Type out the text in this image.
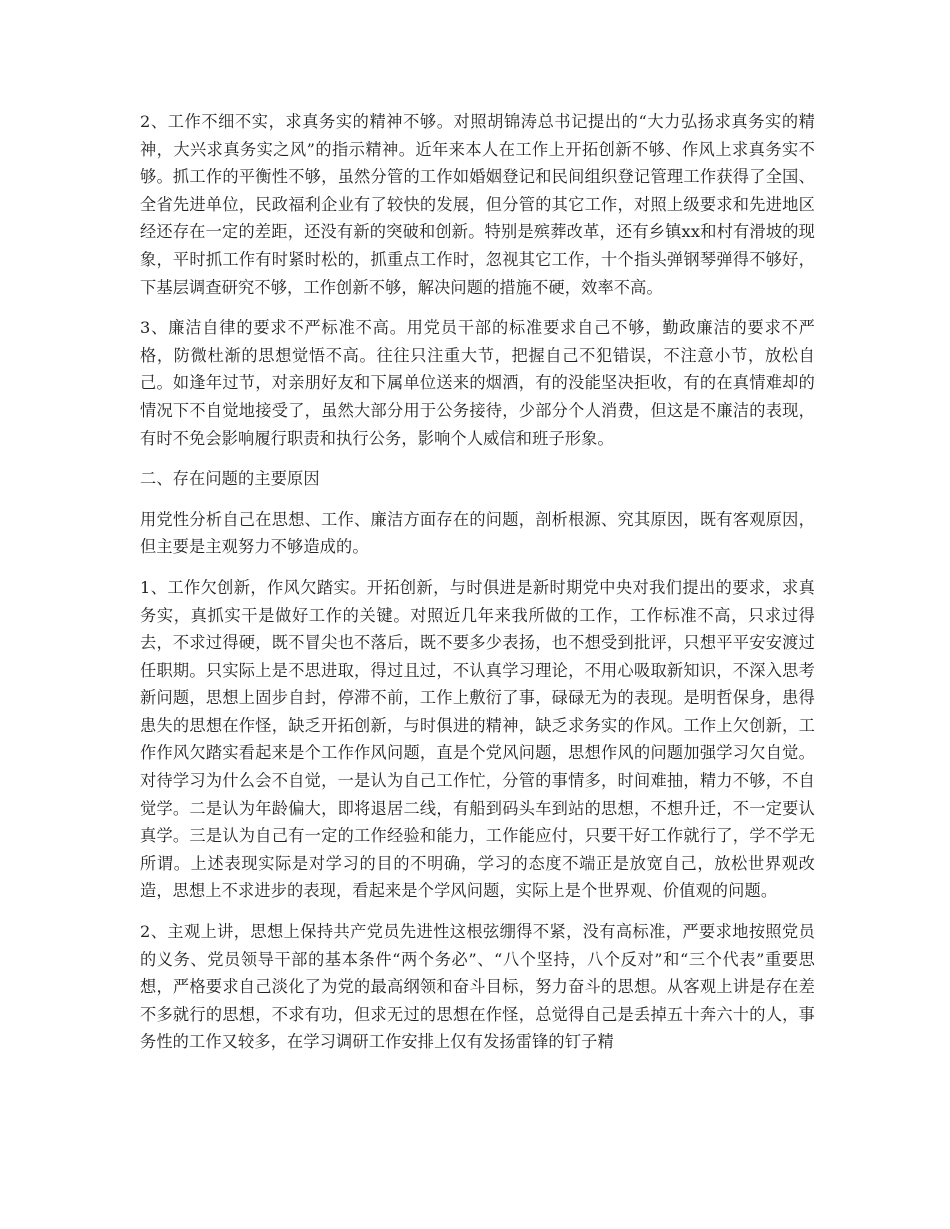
2、工作不细不实，求真务实的精神不够。对照胡锦涛总书记提出的“大力弘扬求真务实的精神，大兴求真务实之风”的指示精神。近年来本人在工作上开拓创新不够、作风上求真务实不够。抓工作的平衡性不够，虽然分管的工作如婚姻登记和民间组织登记管理工作获得了全国、全省先进单位，民政福利企业有了较快的发展，但分管的其它工作，对照上级要求和先进地区经还存在一定的差距，还没有新的突破和创新。特别是殡葬改革，还有乡镇xx和村有滑坡的现象，平时抓工作有时紧时松的，抓重点工作时，忽视其它工作，十个指头弹钢琴弹得不够好，下基层调查研究不够，工作创新不够，解决问题的措施不硬，效率不高。

3、廉洁自律的要求不严标准不高。用党员干部的标准要求自己不够，勤政廉洁的要求不严格，防微杜渐的思想觉悟不高。往往只注重大节，把握自己不犯错误，不注意小节，放松自己。如逢年过节，对亲朋好友和下属单位送来的烟酒，有的没能坚决拒收，有的在真情难却的情况下不自觉地接受了，虽然大部分用于公务接待，少部分个人消费，但这是不廉洁的表现，有时不免会影响履行职责和执行公务，影响个人威信和班子形象。

二、存在问题的主要原因

用党性分析自己在思想、工作、廉洁方面存在的问题，剖析根源、究其原因，既有客观原因，但主要是主观努力不够造成的。

1、工作欠创新，作风欠踏实。开拓创新，与时俱进是新时期党中央对我们提出的要求，求真务实，真抓实干是做好工作的关键。对照近几年来我所做的工作，工作标准不高，只求过得去，不求过得硬，既不冒尖也不落后，既不要多少表扬，也不想受到批评，只想平平安安渡过任职期。只实际上是不思进取，得过且过，不认真学习理论，不用心吸取新知识，不深入思考新问题，思想上固步自封，停滞不前，工作上敷衍了事，碌碌无为的表现。是明哲保身，患得患失的思想在作怪，缺乏开拓创新，与时俱进的精神，缺乏求务实的作风。工作上欠创新，工作作风欠踏实看起来是个工作作风问题，直是个党风问题，思想作风的问题加强学习欠自觉。对待学习为什么会不自觉，一是认为自己工作忙，分管的事情多，时间难抽，精力不够，不自觉学。二是认为年龄偏大，即将退居二线，有船到码头车到站的思想，不想升迁，不一定要认真学。三是认为自己有一定的工作经验和能力，工作能应付，只要干好工作就行了，学不学无所谓。上述表现实际是对学习的目的不明确，学习的态度不端正是放宽自己，放松世界观改造，思想上不求进步的表现，看起来是个学风问题，实际上是个世界观、价值观的问题。

2、主观上讲，思想上保持共产党员先进性这根弦绷得不紧，没有高标准，严要求地按照党员的义务、党员领导干部的基本条件“两个务必”、“八个坚持，八个反对”和“三个代表”重要思想，严格要求自己淡化了为党的最高纲领和奋斗目标，努力奋斗的思想。从客观上讲是存在差不多就行的思想，不求有功，但求无过的思想在作怪，总觉得自己是丢掉五十奔六十的人，事务性的工作又较多，在学习调研工作安排上仅有发扬雷锋的钉子精
